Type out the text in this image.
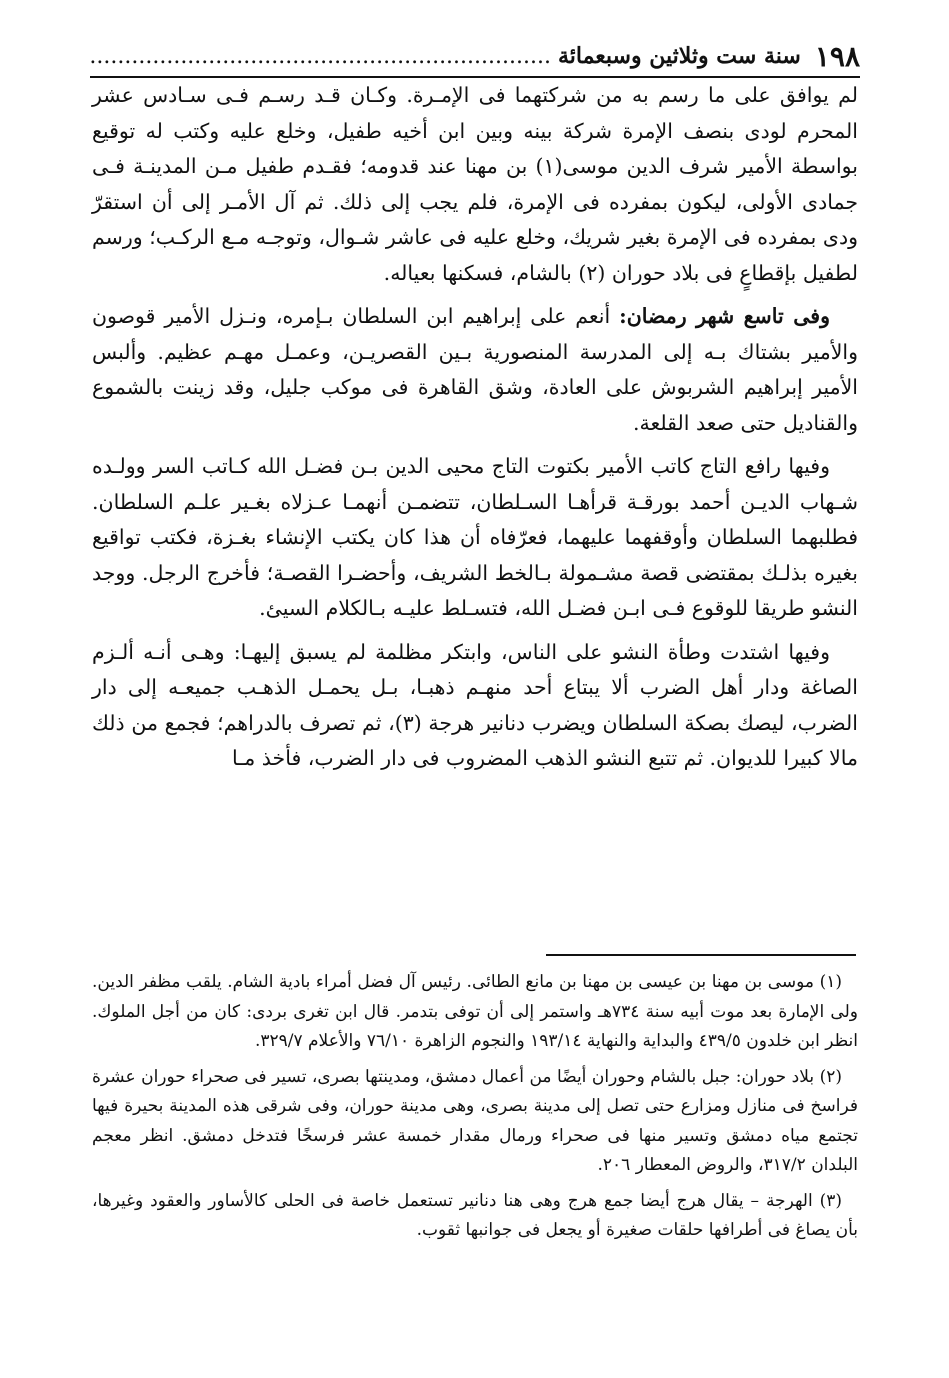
١٩٨
سنة ست وثلاثين وسبعمائة .....

لم يوافق على ما رسم به من شركتهما فى الإمـرة. وكـان قـد رسـم فـى سـادس عشر المحرم لودى بنصف الإمرة شركة بينه وبين ابن أخيه طفيل، وخلع عليه وكتب له توقيع بواسطة الأمير شرف الدين موسى(١) بن مهنا عند قدومه؛ فقـدم طفيل مـن المدينـة فـى جمادى الأولى، ليكون بمفرده فى الإمرة، فلم يجب إلى ذلك. ثم آل الأمـر إلى أن استقرّ ودى بمفرده فى الإمرة بغير شريك، وخلع عليه فى عاشر شـوال، وتوجـه مـع الركـب؛ ورسم لطفيل بإقطاعٍ فى بلاد حوران (٢) بالشام، فسكنها بعياله.

وفى تاسع شهر رمضان: أنعم على إبراهيم ابن السلطان بـإمره، ونـزل الأمير قوصون والأمير بشتاك بـه إلى المدرسة المنصورية بـين القصريـن، وعمـل مهـم عظيم. وألبس الأمير إبراهيم الشربوش على العادة، وشق القاهرة فى موكب جليل، وقد زينت بالشموع والقناديل حتى صعد القلعة.

وفيها رافع التاج كاتب الأمير بكتوت التاج محيى الدين بـن فضـل الله كـاتب السر وولـده شـهاب الديـن أحمد بورقـة قرأهـا السـلطان، تتضمـن أنهمـا عـزلاه بغـير علـم السلطان. فطلبهما السلطان وأوقفهما عليهما، فعرّفاه أن هذا كان يكتب الإنشاء بغـزة، فكتب تواقيع بغيره بذلـك بمقتضى قصة مشـمولة بـالخط الشريف، وأحضـرا القصـة؛ فأخرج الرجل. ووجد النشو طريقا للوقوع فـى ابـن فضـل الله، فتسـلط عليـه بـالكلام السيئ.

وفيها اشتدت وطأة النشو على الناس، وابتكر مظلمة لم يسبق إليهـا: وهـى أنـه ألـزم الصاغة ودار أهل الضرب ألا يبتاع أحد منهـم ذهبـا، بـل يحمـل الذهـب جميعـه إلى دار الضرب، ليصك بصكة السلطان ويضرب دنانير هرجة (٣)، ثم تصرف بالدراهم؛ فجمع من ذلك مالا كبيرا للديوان. ثم تتبع النشو الذهب المضروب فى دار الضرب، فأخذ مـا

(١) موسى بن مهنا بن عيسى بن مهنا بن مانع الطائى. رئيس آل فضل أمراء بادية الشام. يلقب مظفر الدين. ولى الإمارة بعد موت أبيه سنة ٧٣٤هـ واستمر إلى أن توفى بتدمر. قال ابن تغرى بردى: كان من أجل الملوك. انظر ابن خلدون ٤٣٩/٥ والبداية والنهاية ١٩٣/١٤ والنجوم الزاهرة ٧٦/١٠ والأعلام ٣٢٩/٧.

(٢) بلاد حوران: جبل بالشام وحوران أيضًا من أعمال دمشق، ومدينتها بصرى، تسير فى صحراء حوران عشرة فراسخ فى منازل ومزارع حتى تصل إلى مدينة بصرى، وهى مدينة حوران، وفى شرقى هذه المدينة بحيرة فيها تجتمع مياه دمشق وتسير منها فى صحراء ورمال مقدار خمسة عشر فرسخًا فتدخل دمشق. انظر معجم البلدان ٣١٧/٢، والروض المعطار ٢٠٦.

(٣) الهرجة – يقال هرج أيضا جمع هرج وهى هنا دنانير تستعمل خاصة فى الحلى كالأساور والعقود وغيرها، بأن يصاغ فى أطرافها حلقات صغيرة أو يجعل فى جوانبها ثقوب.
